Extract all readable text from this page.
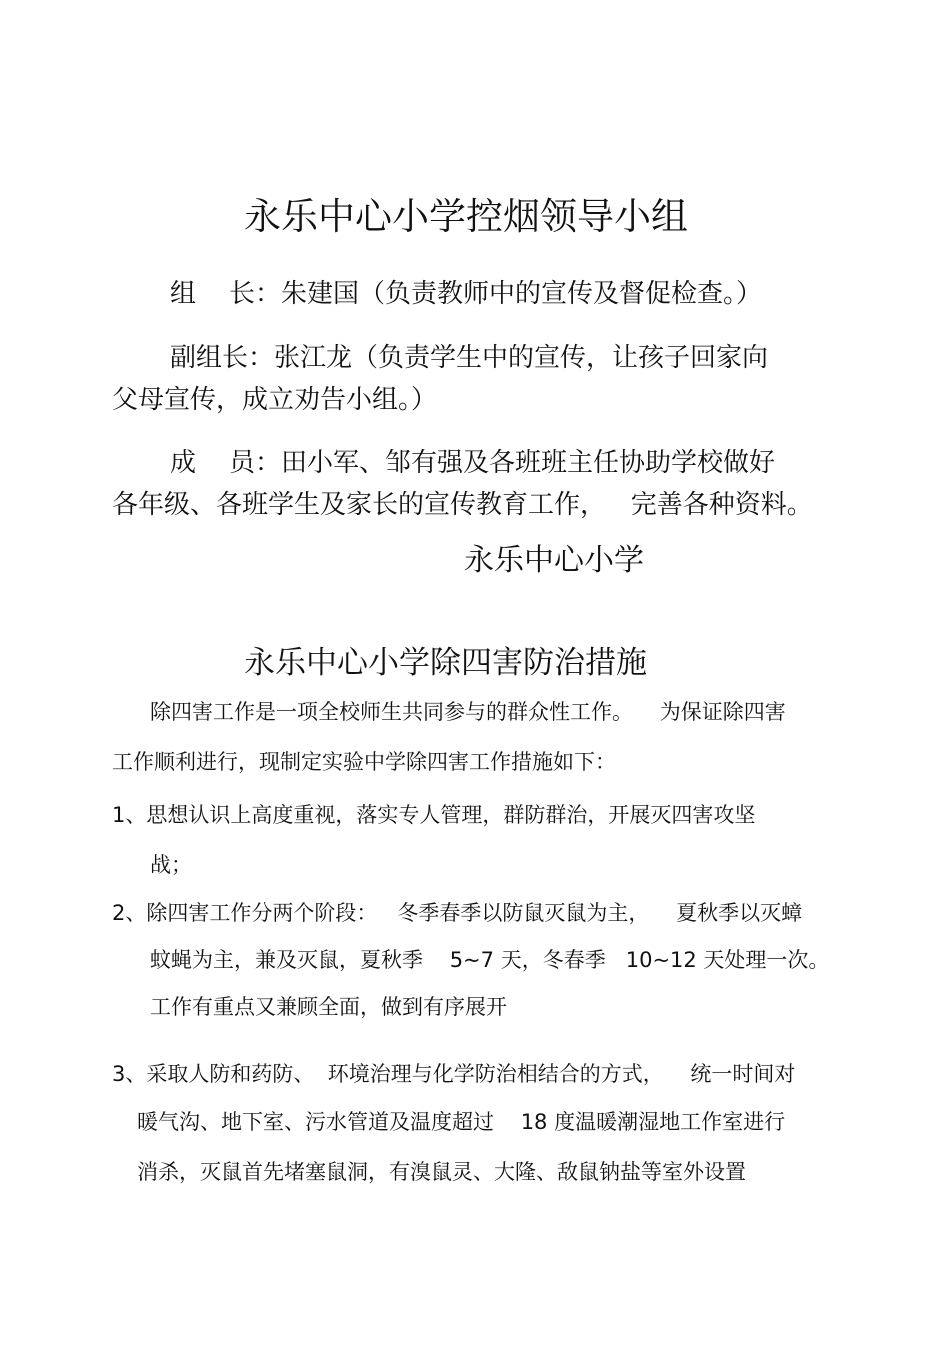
永乐中心小学控烟领导小组
组    长：朱建国（负责教师中的宣传及督促检查。）
副组长：张江龙（负责学生中的宣传，让孩子回家向
父母宣传，成立劝告小组。）
成    员：田小军、邹有强及各班班主任协助学校做好
各年级、各班学生及家长的宣传教育工作，   完善各种资料。
永乐中心小学
永乐中心小学除四害防治措施
除四害工作是一项全校师生共同参与的群众性工作。    为保证除四害
工作顺利进行，现制定实验中学除四害工作措施如下：
1、思想认识上高度重视，落实专人管理，群防群治，开展灭四害攻坚
战；
2、除四害工作分两个阶段：   冬季春季以防鼠灭鼠为主，    夏秋季以灭蟑
蚊蝇为主，兼及灭鼠，夏秋季    5~7 天，冬春季   10~12 天处理一次。
工作有重点又兼顾全面，做到有序展开
3、采取人防和药防、  环境治理与化学防治相结合的方式，    统一时间对
暖气沟、地下室、污水管道及温度超过    18 度温暖潮湿地工作室进行
消杀，灭鼠首先堵塞鼠洞，有溴鼠灵、大隆、敌鼠钠盐等室外设置
